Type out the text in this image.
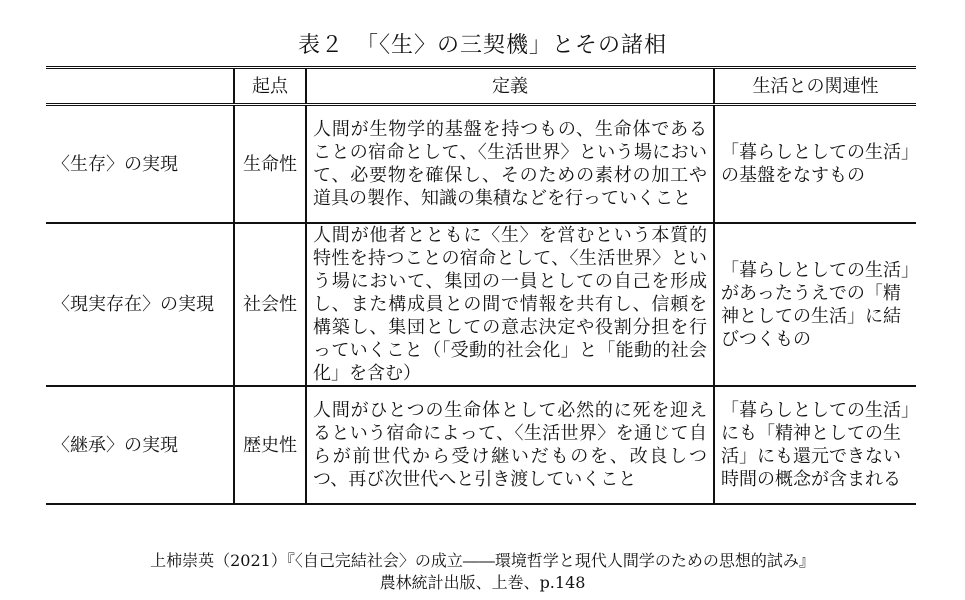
表２　「〈生〉の三契機」とその諸相
	起点	定義	生活との関連性
〈生存〉の実現	生命性	人間が生物学的基盤を持つもの、生命体であることの宿命として、〈生活世界〉という場において、必要物を確保し、そのための素材の加工や道具の製作、知識の集積などを行っていくこと	「暮らしとしての生活」の基盤をなすもの
〈現実存在〉の実現	社会性	人間が他者とともに〈生〉を営むという本質的特性を持つことの宿命として、〈生活世界〉という場において、集団の一員としての自己を形成し、また構成員との間で情報を共有し、信頼を構築し、集団としての意志決定や役割分担を行っていくこと（「受動的社会化」と「能動的社会化」を含む）	「暮らしとしての生活」があったうえでの「精神としての生活」に結びつくもの
〈継承〉の実現	歴史性	人間がひとつの生命体として必然的に死を迎えるという宿命によって、〈生活世界〉を通じて自らが前世代から受け継いだものを、改良しつつ、再び次世代へと引き渡していくこと	「暮らしとしての生活」にも「精神としての生活」にも還元できない時間の概念が含まれる
上柿崇英（2021）『〈自己完結社会〉の成立――環境哲学と現代人間学のための思想的試み』
農林統計出版、上巻、p.148
